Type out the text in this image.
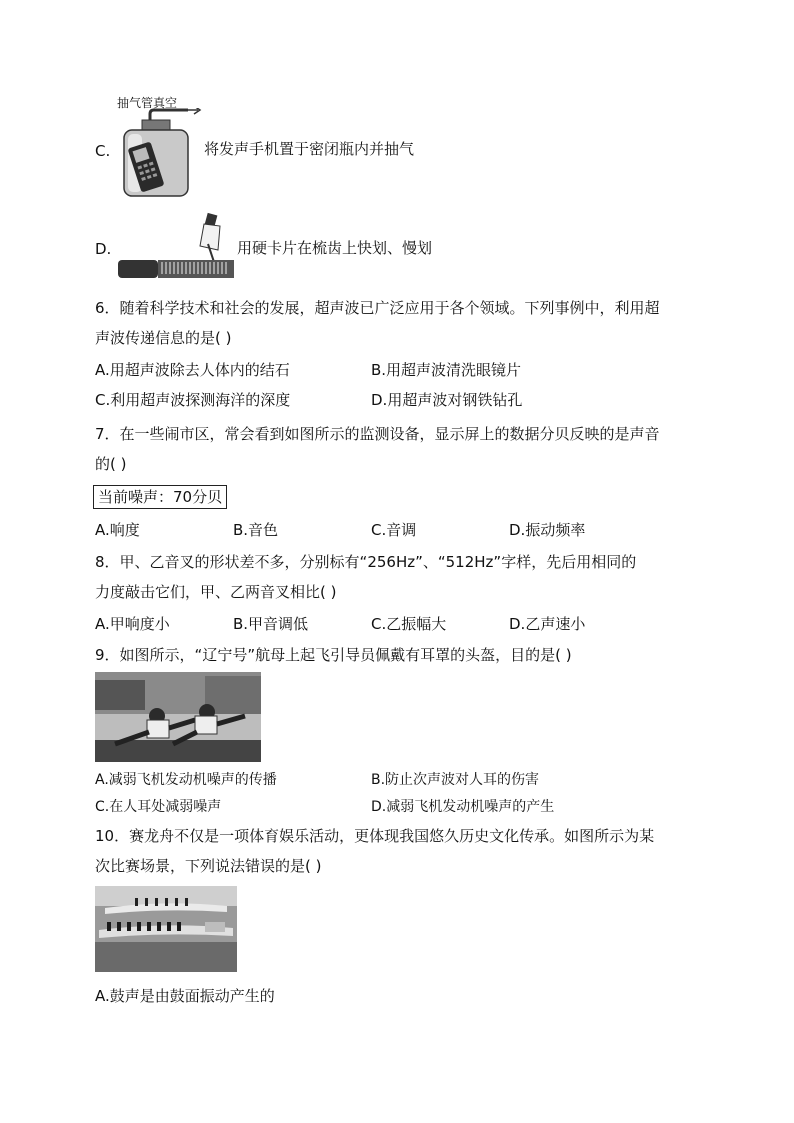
抽气管真空
C.	将发声手机置于密闭瓶内并抽气
D.	用硬卡片在梳齿上快划、慢划
6．随着科学技术和社会的发展，超声波已广泛应用于各个领域。下列事例中，利用超
声波传递信息的是( )
A.用超声波除去人体内的结石	B.用超声波清洗眼镜片
C.利用超声波探测海洋的深度	D.用超声波对钢铁钻孔
7．在一些闹市区，常会看到如图所示的监测设备，显示屏上的数据分贝反映的是声音
的( )
当前噪声：70分贝
A.响度	B.音色	C.音调	D.振动频率
8．甲、乙音叉的形状差不多，分别标有“256Hz”、“512Hz”字样，先后用相同的
力度敲击它们，甲、乙两音叉相比( )
A.甲响度小	B.甲音调低	C.乙振幅大	D.乙声速小
9．如图所示，“辽宁号”航母上起飞引导员佩戴有耳罩的头盔，目的是( )
A.减弱飞机发动机噪声的传播	B.防止次声波对人耳的伤害
C.在人耳处减弱噪声	D.减弱飞机发动机噪声的产生
10．赛龙舟不仅是一项体育娱乐活动，更体现我国悠久历史文化传承。如图所示为某
次比赛场景，下列说法错误的是( )
A.鼓声是由鼓面振动产生的
